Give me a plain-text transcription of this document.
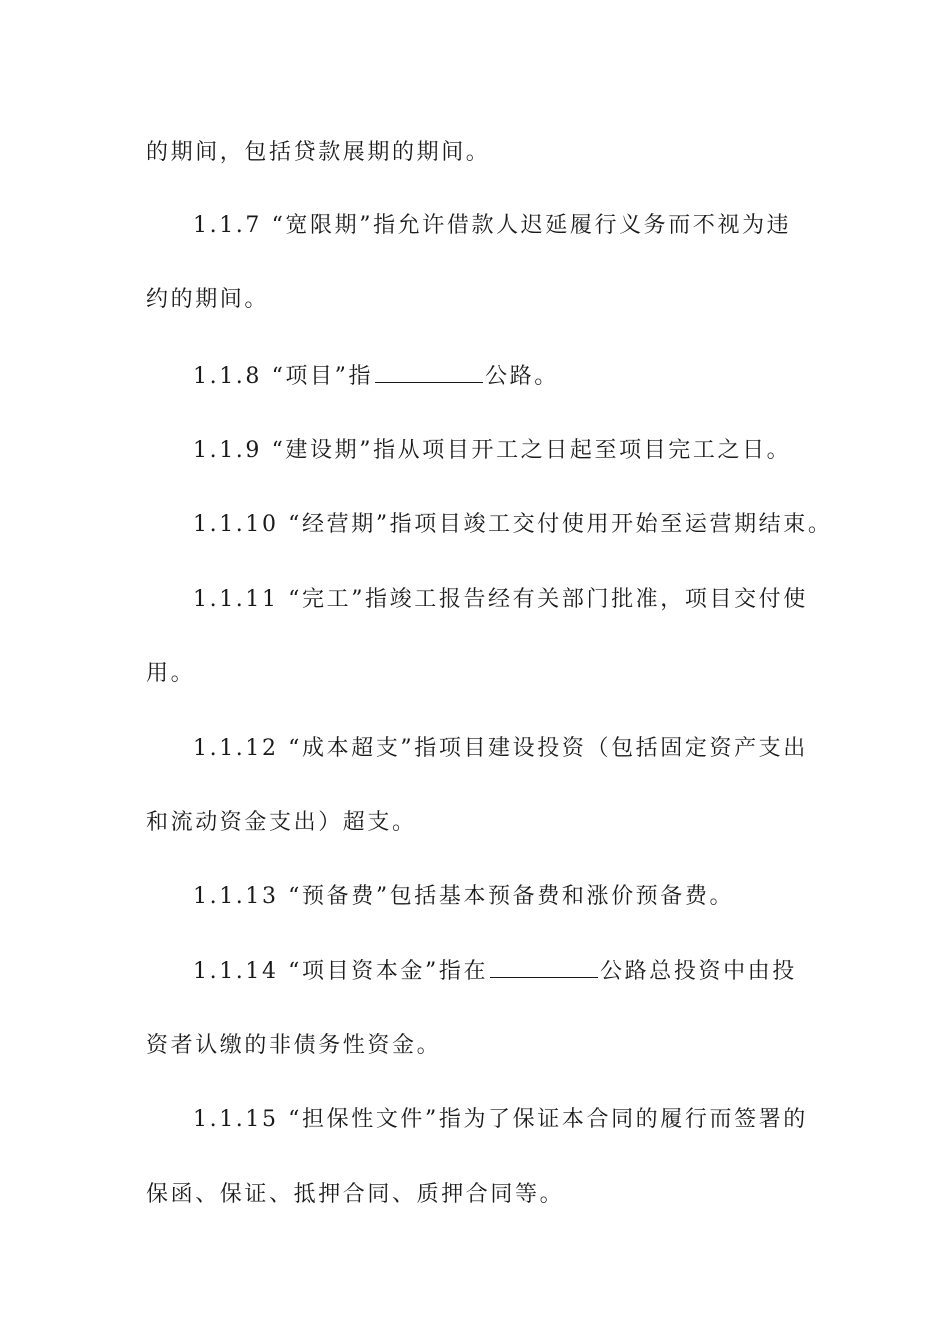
的期间，包括贷款展期的期间。
1.1.7 “宽限期”指允许借款人迟延履行义务而不视为违
约的期间。
1.1.8 “项目”指	公路。
1.1.9 “建设期”指从项目开工之日起至项目完工之日。
1.1.10 “经营期”指项目竣工交付使用开始至运营期结束。
1.1.11 “完工”指竣工报告经有关部门批准，项目交付使
用。
1.1.12 “成本超支”指项目建设投资（包括固定资产支出
和流动资金支出）超支。
1.1.13 “预备费”包括基本预备费和涨价预备费。
1.1.14 “项目资本金”指在	公路总投资中由投
资者认缴的非债务性资金。
1.1.15 “担保性文件”指为了保证本合同的履行而签署的
保函、保证、抵押合同、质押合同等。
